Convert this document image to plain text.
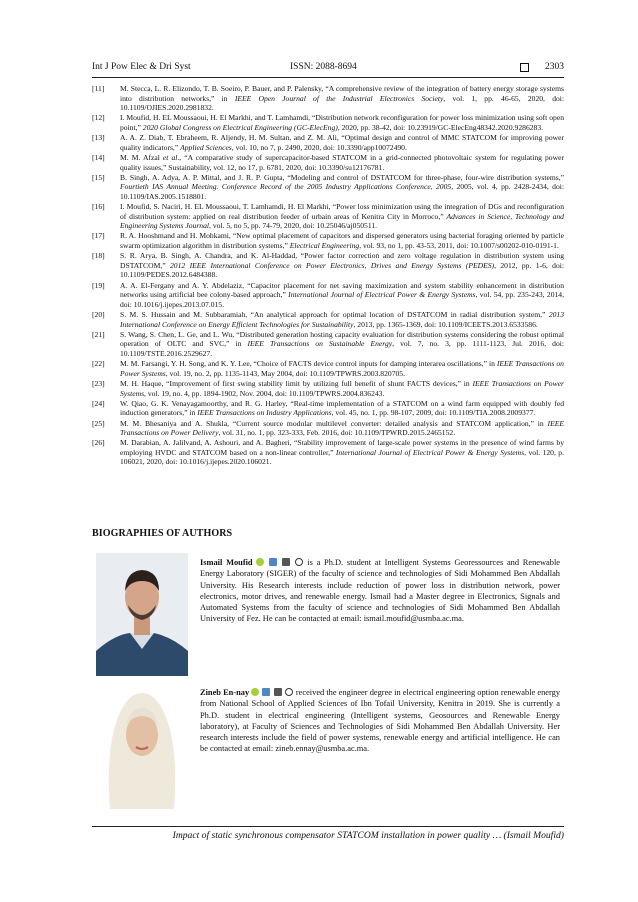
Int J Pow Elec & Dri Syst	ISSN: 2088-8694	2303
[11] M. Stecca, L. R. Elizondo, T. B. Soeiro, P. Bauer, and P. Palensky, “A comprehensive review of the integration of battery energy storage systems into distribution networks,” in IEEE Open Journal of the Industrial Electronics Society, vol. 1, pp. 46-65, 2020, doi: 10.1109/OJIES.2020.2981832.
[12] I. Moufid, H. EL Moussaoui, H. El Markhi, and T. Lamhamdi, “Distribution network reconfiguration for power loss minimization using soft open point,” 2020 Global Congress on Electrical Engineering (GC-ElecEng), 2020, pp. 38-42, doi: 10.23919/GC-ElecEng48342.2020.9286283.
[13] A. A. Z. Diab, T. Ebraheem, R. Aljendy, H. M. Sultan, and Z. M. Ali, “Optimal design and control of MMC STATCOM for improving power quality indicators,” Applied Sciences, vol. 10, no 7, p. 2490, 2020, doi: 10.3390/app10072490.
[14] M. M. Afzal et al., “A comparative study of supercapacitor-based STATCOM in a grid-connected photovoltaic system for regulating power quality issues,” Sustainability, vol. 12, no 17, p. 6781, 2020, doi: 10.3390/su12176781.
[15] B. Singh, A. Adya, A. P. Mittal, and J. R. P. Gupta, “Modeling and control of DSTATCOM for three-phase, four-wire distribution systems,” Fourtieth IAS Annual Meeting. Conference Record of the 2005 Industry Applications Conference, 2005, 2005, vol. 4, pp. 2428-2434, doi: 10.1109/IAS.2005.1518801.
[16] I. Moufid, S. Naciri, H. EL Moussaoui, T. Lamhamdi, H. El Markhi, “Power loss minimization using the integration of DGs and reconfiguration of distribution system: applied on real distribution feeder of urbain areas of Kenitra City in Morroco,” Advances in Science, Technology and Engineering Systems Journal, vol. 5, no 5, pp. 74-79, 2020, doi: 10.25046/aj050511.
[17] R. A. Hooshmand and H. Mohkami, “New optimal placement of capacitors and dispersed generators using bacterial foraging oriented by particle swarm optimization algorithm in distribution systems,” Electrical Engineering, vol. 93, no 1, pp. 43-53, 2011, doi: 10.1007/s00202-010-0191-1.
[18] S. R. Arya, B. Singh, A. Chandra, and K. Al-Haddad, “Power factor correction and zero voltage regulation in distribution system using DSTATCOM,” 2012 IEEE International Conference on Power Electronics, Drives and Energy Systems (PEDES), 2012, pp. 1-6, doi: 10.1109/PEDES.2012.6484388.
[19] A. A. El-Fergany and A. Y. Abdelaziz, “Capacitor placement for net saving maximization and system stability enhancement in distribution networks using artificial bee colony-based approach,” International Journal of Electrical Power & Energy Systems, vol. 54, pp. 235-243, 2014, doi: 10.1016/j.ijepes.2013.07.015.
[20] S. M. S. Hussain and M. Subbaramiah, “An analytical approach for optimal location of DSTATCOM in radial distribution system,” 2013 International Conference on Energy Efficient Technologies for Sustainability, 2013, pp. 1365-1369, doi: 10.1109/ICEETS.2013.6533586.
[21] S. Wang, S. Chen, L. Ge, and L. Wu, “Distributed generation hosting capacity evaluation for distribution systems considering the robust optimal operation of OLTC and SVC,” in IEEE Transactions on Sustainable Energy, vol. 7, no. 3, pp. 1111-1123, Jul. 2016, doi: 10.1109/TSTE.2016.2529627.
[22] M. M. Farsangi, Y. H. Song, and K. Y. Lee, “Choice of FACTS device control inputs for damping interarea oscillations,” in IEEE Transactions on Power Systems, vol. 19, no. 2, pp. 1135-1143, May 2004, doi: 10.1109/TPWRS.2003.820705.
[23] M. H. Haque, “Improvement of first swing stability limit by utilizing full benefit of shunt FACTS devices,” in IEEE Transactions on Power Systems, vol. 19, no. 4, pp. 1894-1902, Nov. 2004, doi: 10.1109/TPWRS.2004.836243.
[24] W. Qiao, G. K. Venayagamoorthy, and R. G. Harley, “Real-time implementation of a STATCOM on a wind farm equipped with doubly fed induction generators,” in IEEE Transactions on Industry Applications, vol. 45, no. 1, pp. 98-107, 2009, doi: 10.1109/TIA.2008.2009377.
[25] M. M. Bhesaniya and A. Shukla, “Current source modular multilevel converter: detailed analysis and STATCOM application,” in IEEE Transactions on Power Delivery, vol. 31, no. 1, pp. 323-333, Feb. 2016, doi: 10.1109/TPWRD.2015.2465152.
[26] M. Darabian, A. Jalilvand, A. Ashouri, and A. Bagheri, “Stability improvement of large-scale power systems in the presence of wind farms by employing HVDC and STATCOM based on a non-linear controller,” International Journal of Electrical Power & Energy Systems, vol. 120, p. 106021, 2020, doi: 10.1016/j.ijepes.2020.106021.
BIOGRAPHIES OF AUTHORS
Ismail Moufid	is a Ph.D. student at Intelligent Systems Georessources and Renewable Energy Laboratory (SIGER) of the faculty of science and technologies of Sidi Mohammed Ben Abdallah University. His Research interests include reduction of power loss in distribution network, power electronics, motor drives, and renewable energy. Ismail had a Master degree in Electronics, Signals and Automated Systems from the faculty of science and technologies of Sidi Mohammed Ben Abdallah University of Fez. He can be contacted at email: ismail.moufid@usmba.ac.ma.
Zineb En-nay	received the engineer degree in electrical engineering option renewable energy from National School of Applied Sciences of Ibn Tofail University, Kenitra in 2019. She is currently a Ph.D. student in electrical engineering (Intelligent systems, Geosources and Renewable Energy laboratory), at Faculty of Sciences and Technologies of Sidi Mohammed Ben Abdallah University. Her research interests include the field of power systems, renewable energy and artificial intelligence. He can be contacted at email: zineb.ennay@usmba.ac.ma.
Impact of static synchronous compensator STATCOM installation in power quality … (Ismail Moufid)
